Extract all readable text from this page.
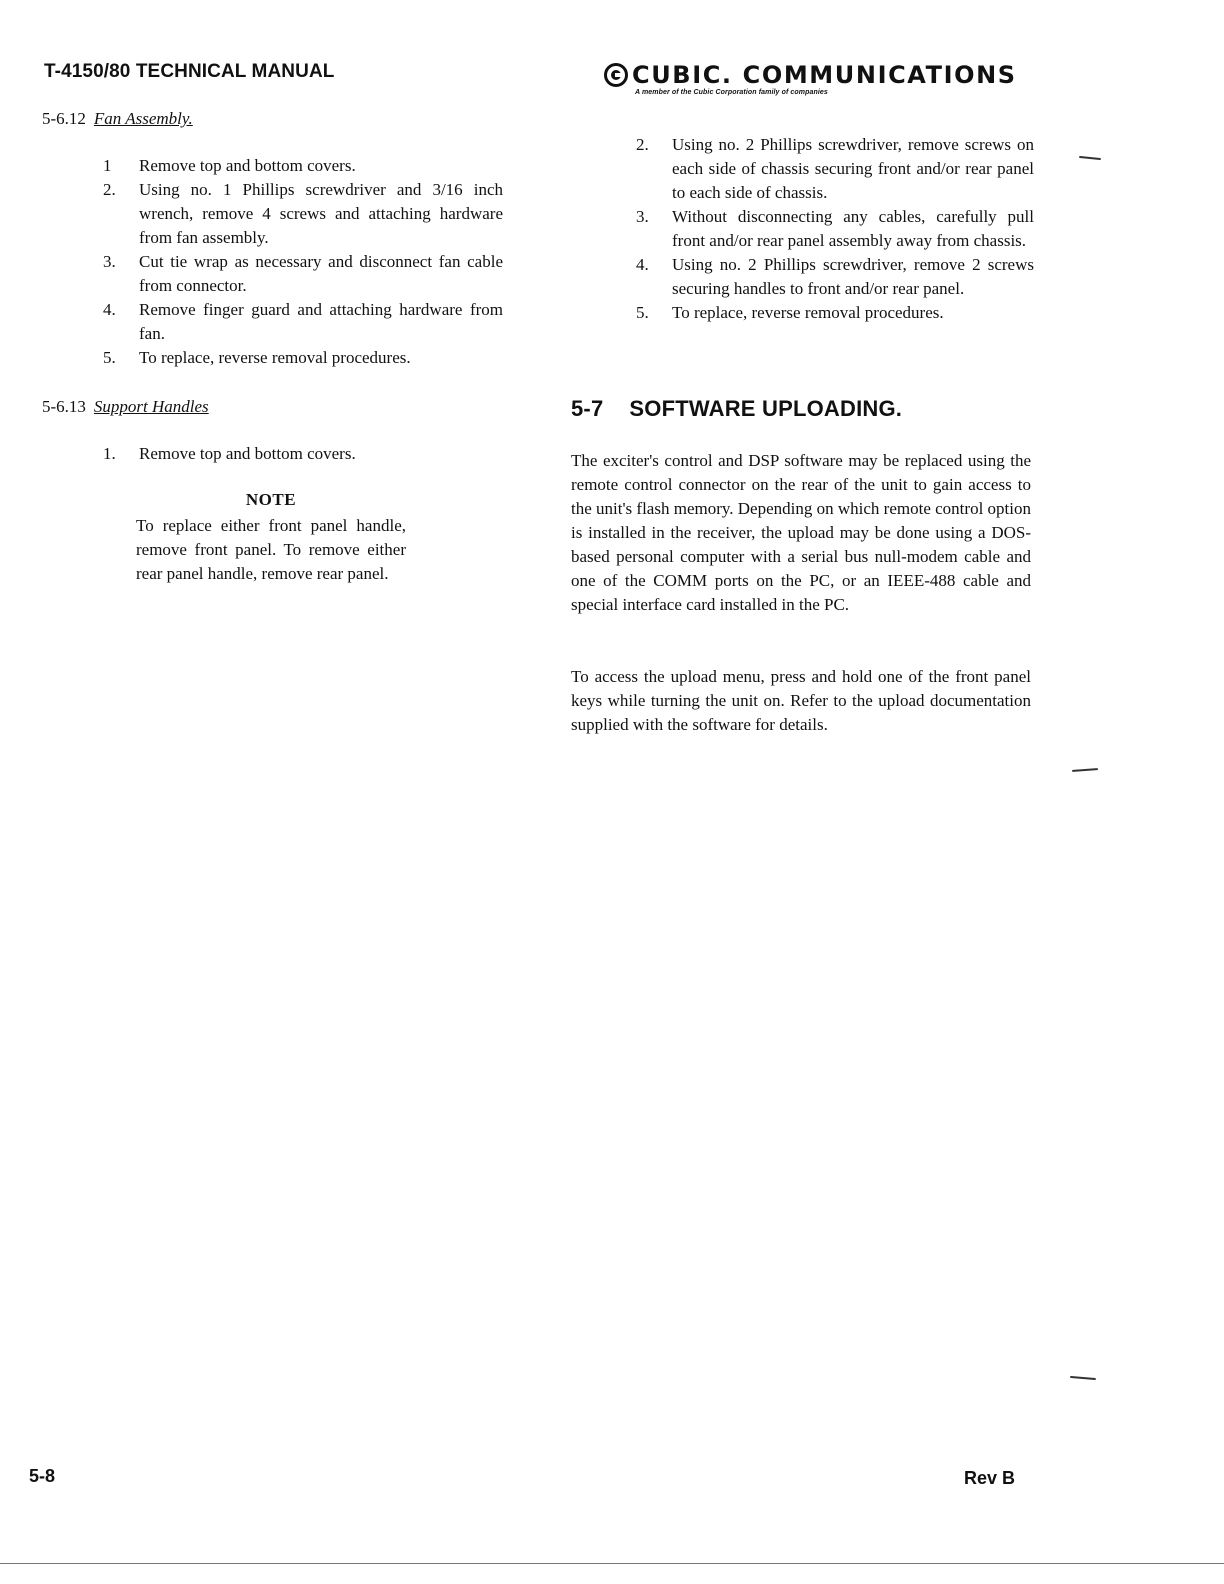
T-4150/80 TECHNICAL MANUAL	CUBIC. COMMUNICATIONS
A member of the Cubic Corporation family of companies
5-6.12 Fan Assembly.
1	Remove top and bottom covers.
2.	Using no. 1 Phillips screwdriver and 3/16 inch wrench, remove 4 screws and attaching hardware from fan assembly.
3.	Cut tie wrap as necessary and disconnect fan cable from connector.
4.	Remove finger guard and attaching hardware from fan.
5.	To replace, reverse removal procedures.
5-6.13 Support Handles
1.	Remove top and bottom covers.
NOTE
To replace either front panel handle, remove front panel. To remove either rear panel handle, remove rear panel.
2.	Using no. 2 Phillips screwdriver, remove screws on each side of chassis securing front and/or rear panel to each side of chassis.
3.	Without disconnecting any cables, carefully pull front and/or rear panel assembly away from chassis.
4.	Using no. 2 Phillips screwdriver, remove 2 screws securing handles to front and/or rear panel.
5.	To replace, reverse removal procedures.
5-7 SOFTWARE UPLOADING.
The exciter's control and DSP software may be replaced using the remote control connector on the rear of the unit to gain access to the unit's flash memory. Depending on which remote control option is installed in the receiver, the upload may be done using a DOS-based personal computer with a serial bus null-modem cable and one of the COMM ports on the PC, or an IEEE-488 cable and special interface card installed in the PC.
To access the upload menu, press and hold one of the front panel keys while turning the unit on. Refer to the upload documentation supplied with the software for details.
5-8	Rev B
